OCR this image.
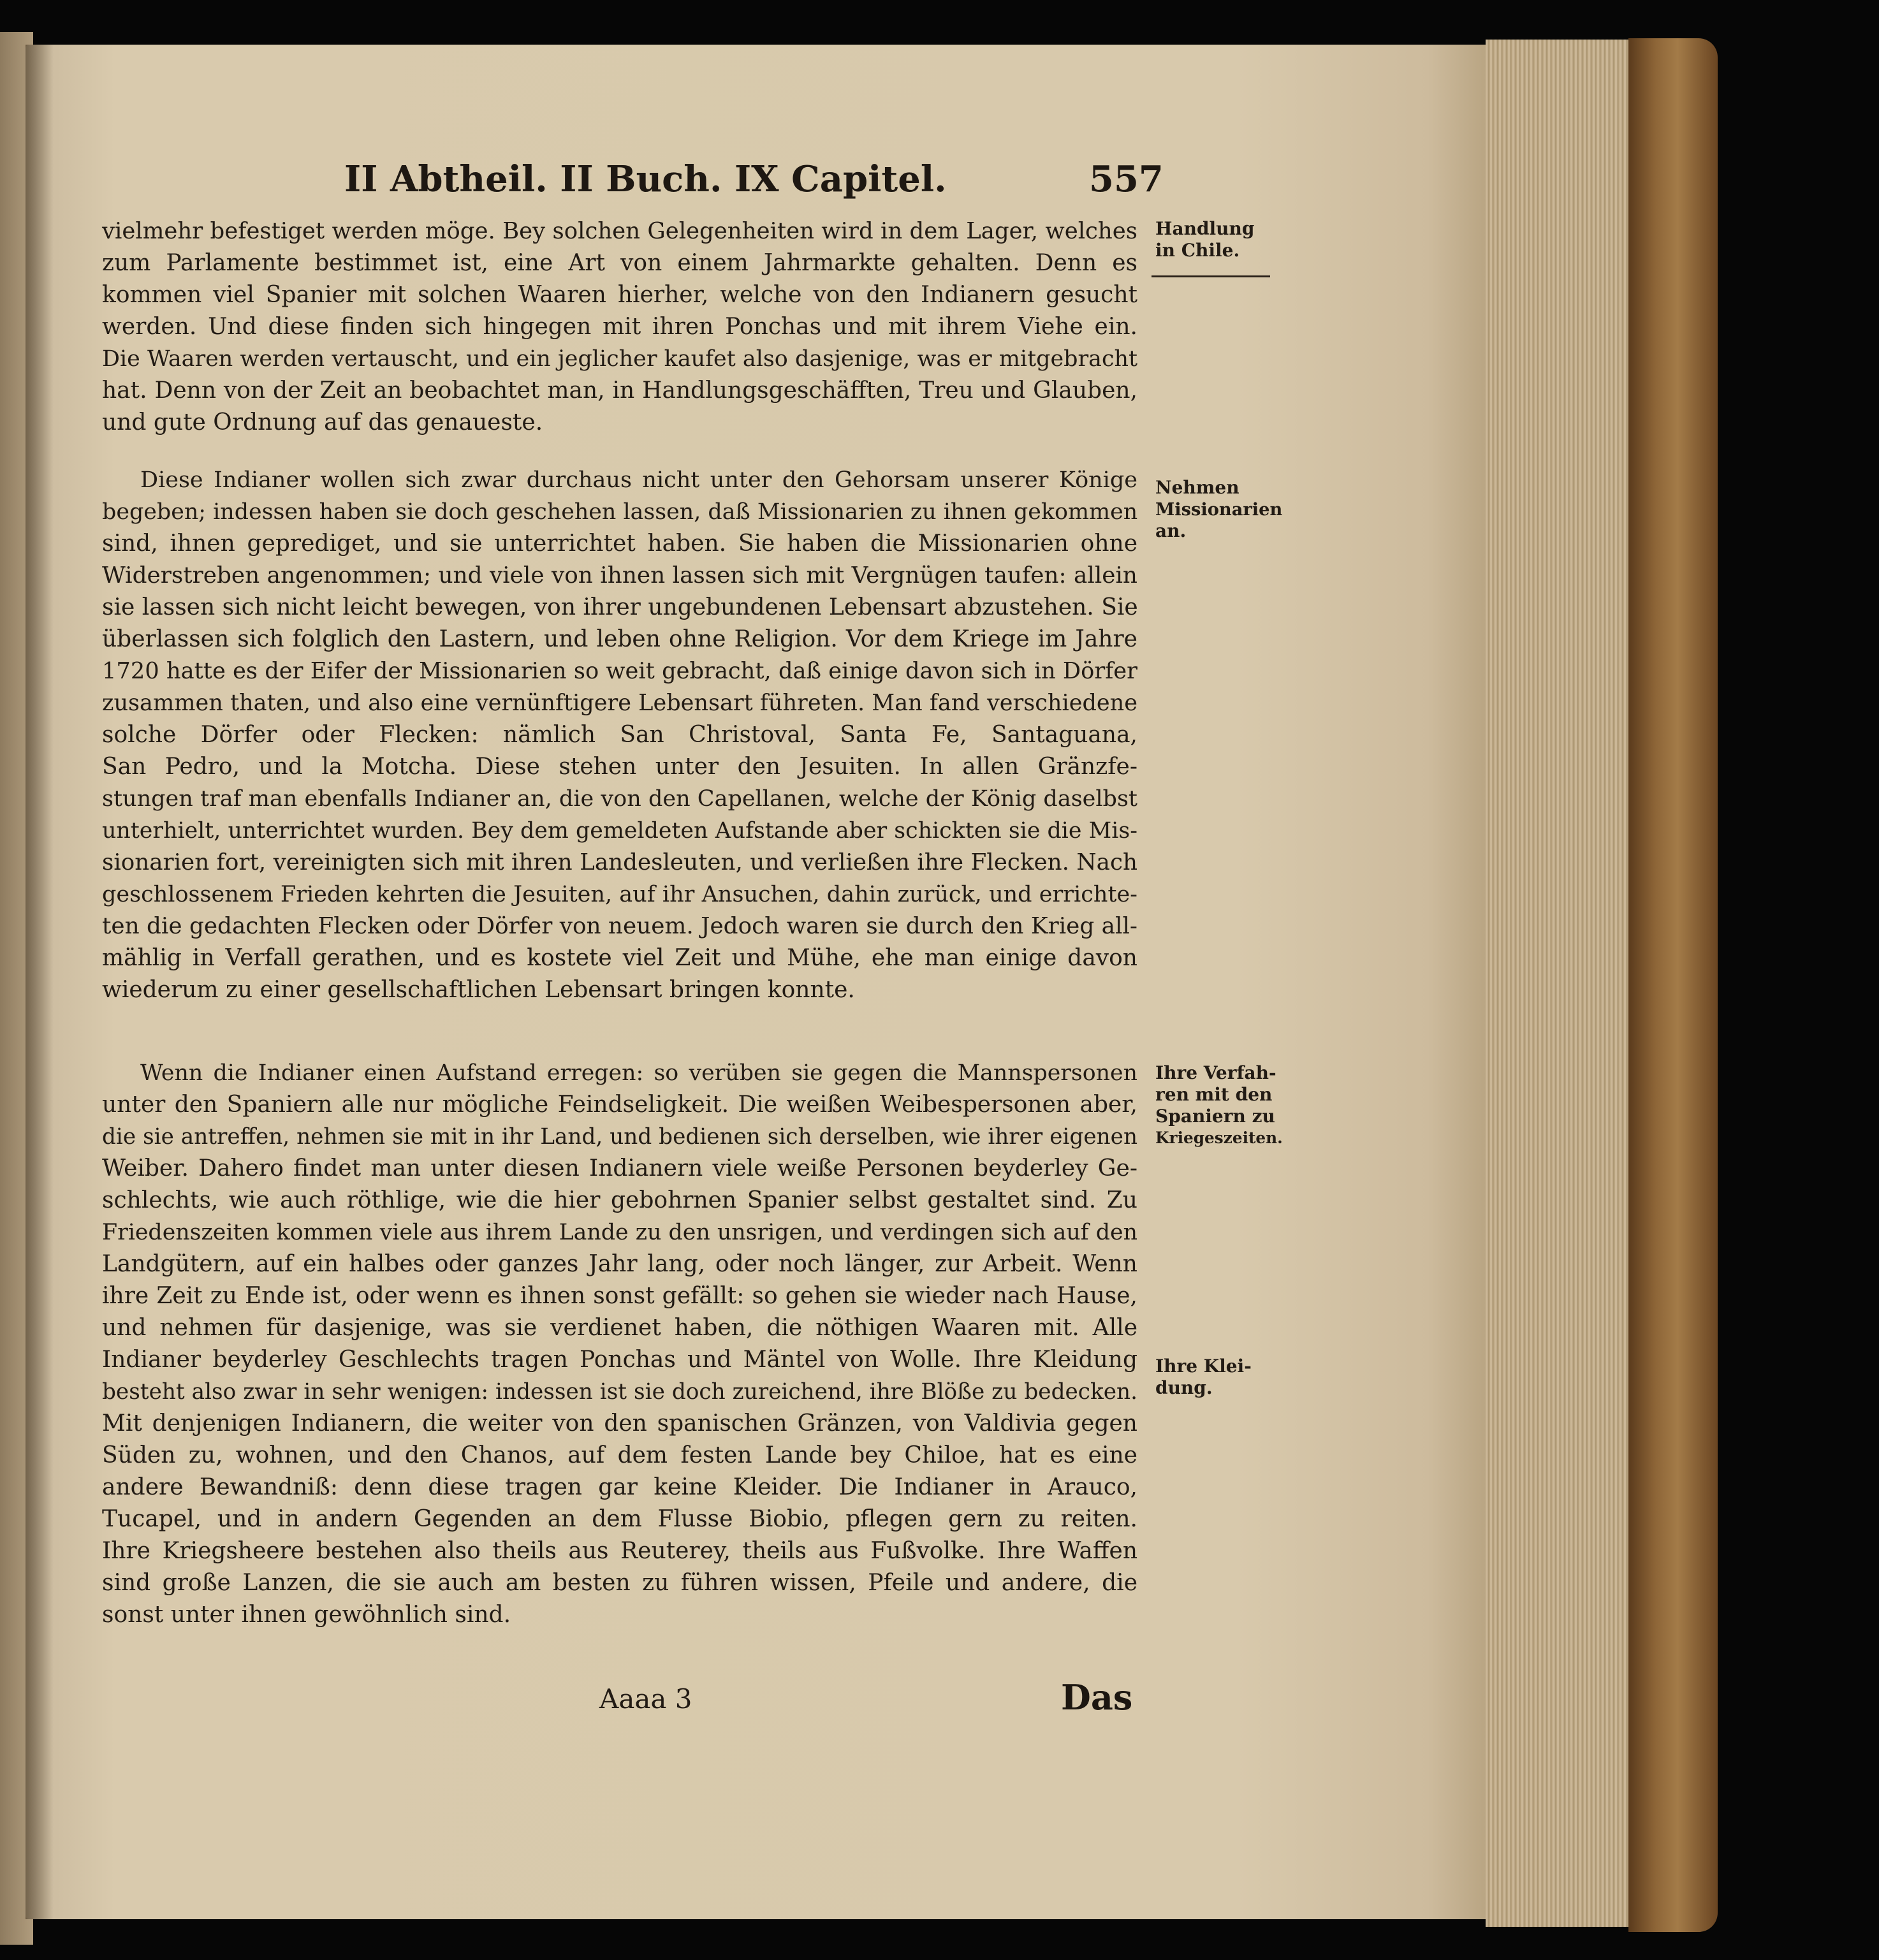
II Abtheil. II Buch. IX Capitel.	557
vielmehr befestiget werden möge. Bey solchen Gelegenheiten wird in dem Lager, welches
zum Parlamente bestimmet ist, eine Art von einem Jahrmarkte gehalten. Denn es
kommen viel Spanier mit solchen Waaren hierher, welche von den Indianern gesucht
werden. Und diese finden sich hingegen mit ihren Ponchas und mit ihrem Viehe ein.
Die Waaren werden vertauscht, und ein jeglicher kaufet also dasjenige, was er mitgebracht
hat. Denn von der Zeit an beobachtet man, in Handlungsgeschäfften, Treu und Glauben,
und gute Ordnung auf das genaueste.
Diese Indianer wollen sich zwar durchaus nicht unter den Gehorsam unserer Könige
begeben; indessen haben sie doch geschehen lassen, daß Missionarien zu ihnen gekommen
sind, ihnen geprediget, und sie unterrichtet haben. Sie haben die Missionarien ohne
Widerstreben angenommen; und viele von ihnen lassen sich mit Vergnügen taufen: allein
sie lassen sich nicht leicht bewegen, von ihrer ungebundenen Lebensart abzustehen. Sie
überlassen sich folglich den Lastern, und leben ohne Religion. Vor dem Kriege im Jahre
1720 hatte es der Eifer der Missionarien so weit gebracht, daß einige davon sich in Dörfer
zusammen thaten, und also eine vernünftigere Lebensart führeten. Man fand verschiedene
solche Dörfer oder Flecken: nämlich San Christoval, Santa Fe, Santaguana,
San Pedro, und la Motcha. Diese stehen unter den Jesuiten. In allen Gränzfe-
stungen traf man ebenfalls Indianer an, die von den Capellanen, welche der König daselbst
unterhielt, unterrichtet wurden. Bey dem gemeldeten Aufstande aber schickten sie die Mis-
sionarien fort, vereinigten sich mit ihren Landesleuten, und verließen ihre Flecken. Nach
geschlossenem Frieden kehrten die Jesuiten, auf ihr Ansuchen, dahin zurück, und errichte-
ten die gedachten Flecken oder Dörfer von neuem. Jedoch waren sie durch den Krieg all-
mählig in Verfall gerathen, und es kostete viel Zeit und Mühe, ehe man einige davon
wiederum zu einer gesellschaftlichen Lebensart bringen konnte.
Wenn die Indianer einen Aufstand erregen: so verüben sie gegen die Mannspersonen
unter den Spaniern alle nur mögliche Feindseligkeit. Die weißen Weibespersonen aber,
die sie antreffen, nehmen sie mit in ihr Land, und bedienen sich derselben, wie ihrer eigenen
Weiber. Dahero findet man unter diesen Indianern viele weiße Personen beyderley Ge-
schlechts, wie auch röthlige, wie die hier gebohrnen Spanier selbst gestaltet sind. Zu
Friedenszeiten kommen viele aus ihrem Lande zu den unsrigen, und verdingen sich auf den
Landgütern, auf ein halbes oder ganzes Jahr lang, oder noch länger, zur Arbeit. Wenn
ihre Zeit zu Ende ist, oder wenn es ihnen sonst gefällt: so gehen sie wieder nach Hause,
und nehmen für dasjenige, was sie verdienet haben, die nöthigen Waaren mit. Alle
Indianer beyderley Geschlechts tragen Ponchas und Mäntel von Wolle. Ihre Kleidung
besteht also zwar in sehr wenigen: indessen ist sie doch zureichend, ihre Blöße zu bedecken.
Mit denjenigen Indianern, die weiter von den spanischen Gränzen, von Valdivia gegen
Süden zu, wohnen, und den Chanos, auf dem festen Lande bey Chiloe, hat es eine
andere Bewandniß: denn diese tragen gar keine Kleider. Die Indianer in Arauco,
Tucapel, und in andern Gegenden an dem Flusse Biobio, pflegen gern zu reiten.
Ihre Kriegsheere bestehen also theils aus Reuterey, theils aus Fußvolke. Ihre Waffen
sind große Lanzen, die sie auch am besten zu führen wissen, Pfeile und andere, die
sonst unter ihnen gewöhnlich sind.
Handlung
in Chile.
Nehmen
Missionarien
an.
Ihre Verfah-
ren mit den
Spaniern zu
Kriegeszeiten.
Ihre Klei-
dung.
Aaaa 3	Das
